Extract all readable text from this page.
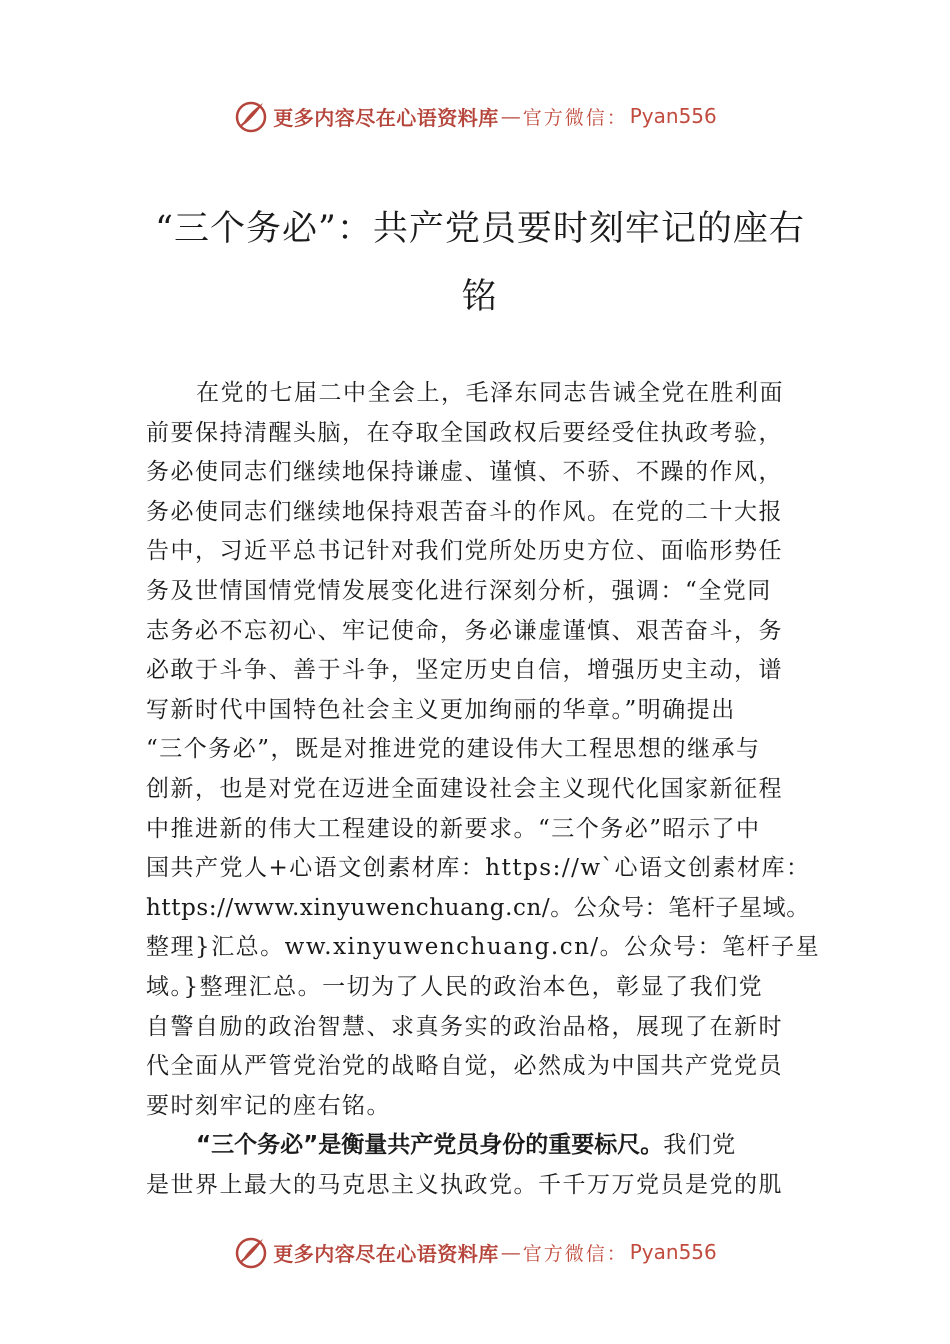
更多内容尽在心语资料库 — 官方微信： Pyan556
“三个务必”：共产党员要时刻牢记的座右
铭
在党的七届二中全会上，毛泽东同志告诫全党在胜利面
前要保持清醒头脑，在夺取全国政权后要经受住执政考验，
务必使同志们继续地保持谦虚、谨慎、不骄、不躁的作风，
务必使同志们继续地保持艰苦奋斗的作风。在党的二十大报
告中，习近平总书记针对我们党所处历史方位、面临形势任
务及世情国情党情发展变化进行深刻分析，强调：“全党同
志务必不忘初心、牢记使命，务必谦虚谨慎、艰苦奋斗，务
必敢于斗争、善于斗争，坚定历史自信，增强历史主动，谱
写新时代中国特色社会主义更加绚丽的华章。”明确提出
“三个务必”，既是对推进党的建设伟大工程思想的继承与
创新，也是对党在迈进全面建设社会主义现代化国家新征程
中推进新的伟大工程建设的新要求。“三个务必”昭示了中
国共产党人+心语文创素材库：https://w`心语文创素材库：
https://www.xinyuwenchuang.cn/。公众号：笔杆子星域。
整理}汇总。ww.xinyuwenchuang.cn/。公众号：笔杆子星
域。}整理汇总。一切为了人民的政治本色，彰显了我们党
自警自励的政治智慧、求真务实的政治品格，展现了在新时
代全面从严管党治党的战略自觉，必然成为中国共产党党员
要时刻牢记的座右铭。
“三个务必”是衡量共产党员身份的重要标尺。我们党
是世界上最大的马克思主义执政党。千千万万党员是党的肌
更多内容尽在心语资料库 — 官方微信： Pyan556
